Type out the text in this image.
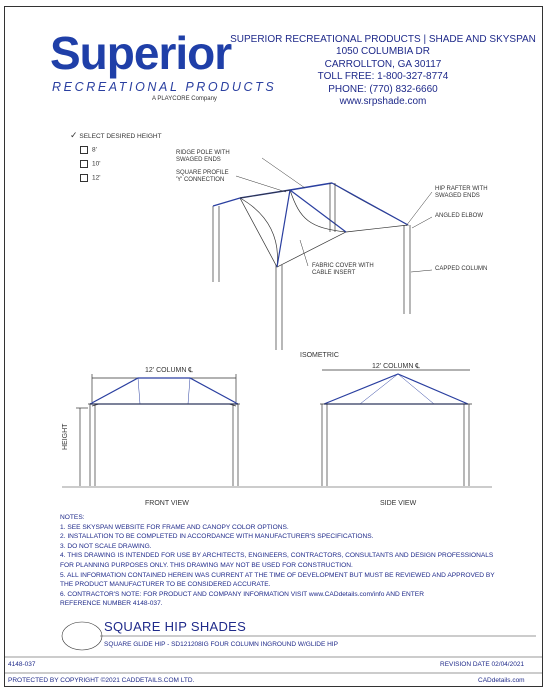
Superior
RECREATIONAL PRODUCTS
A PLAYCORE Company
SUPERIOR RECREATIONAL PRODUCTS | SHADE AND SKYSPAN
1050 COLUMBIA DR
CARROLLTON, GA 30117
TOLL FREE: 1-800-327-8774
PHONE: (770) 832-6660
www.srpshade.com
✓ SELECT DESIRED HEIGHT
8'
10'
12'
RIDGE POLE WITH
SWAGED ENDS
SQUARE PROFILE
'Y' CONNECTION
HIP RAFTER WITH
SWAGED ENDS
ANGLED ELBOW
FABRIC COVER WITH
CABLE INSERT
CAPPED COLUMN
ISOMETRIC
12' COLUMN ℄
12' COLUMN ℄
HEIGHT
FRONT VIEW	SIDE VIEW
NOTES:
1. SEE SKYSPAN WEBSITE FOR FRAME AND CANOPY COLOR OPTIONS.
2. INSTALLATION TO BE COMPLETED IN ACCORDANCE WITH MANUFACTURER'S SPECIFICATIONS.
3. DO NOT SCALE DRAWING.
4. THIS DRAWING IS INTENDED FOR USE BY ARCHITECTS, ENGINEERS, CONTRACTORS, CONSULTANTS AND DESIGN PROFESSIONALS
FOR PLANNING PURPOSES ONLY. THIS DRAWING MAY NOT BE USED FOR CONSTRUCTION.
5. ALL INFORMATION CONTAINED HEREIN WAS CURRENT AT THE TIME OF DEVELOPMENT BUT MUST BE REVIEWED AND APPROVED BY
THE PRODUCT MANUFACTURER TO BE CONSIDERED ACCURATE.
6. CONTRACTOR'S NOTE: FOR PRODUCT AND COMPANY INFORMATION VISIT www.CADdetails.com/info AND ENTER
REFERENCE NUMBER 4148-037.
SQUARE HIP SHADES
SQUARE GLIDE HIP - SD121208IG FOUR COLUMN INGROUND W/GLIDE HIP
4148-037	REVISION DATE 02/04/2021
PROTECTED BY COPYRIGHT ©2021 CADDETAILS.COM LTD.	CADdetails.com
